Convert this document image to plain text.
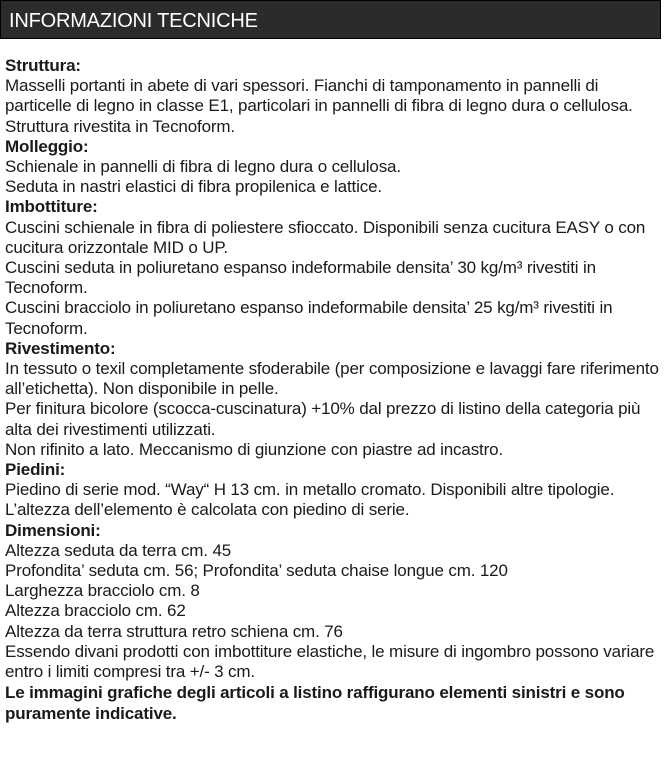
INFORMAZIONI TECNICHE
Struttura:

Masselli portanti in abete di vari spessori. Fianchi di tamponamento in pannelli di particelle di legno in classe E1, particolari in pannelli di fibra di legno dura o cellulosa.

Struttura rivestita in Tecnoform.

Molleggio:

Schienale in pannelli di fibra di legno dura o cellulosa.

Seduta in nastri elastici di fibra propilenica e lattice.

Imbottiture:

Cuscini schienale in fibra di poliestere sfioccato. Disponibili senza cucitura EASY o con cucitura orizzontale MID o UP.

Cuscini seduta in poliuretano espanso indeformabile densita’ 30 kg/m³ rivestiti in Tecnoform.

Cuscini bracciolo in poliuretano espanso indeformabile densita’ 25 kg/m³ rivestiti in Tecnoform.

Rivestimento:

In tessuto o texil completamente sfoderabile (per composizione e lavaggi fare riferimento all’etichetta). Non disponibile in pelle.

Per finitura bicolore (scocca-cuscinatura) +10% dal prezzo di listino della categoria più alta dei rivestimenti utilizzati.

Non rifinito a lato. Meccanismo di giunzione con piastre ad incastro.

Piedini:

Piedino di serie mod. “Way“ H 13 cm. in metallo cromato. Disponibili altre tipologie.

L’altezza dell’elemento è calcolata con piedino di serie.

Dimensioni:

Altezza seduta da terra cm. 45

Profondita’ seduta cm. 56; Profondita’ seduta chaise longue cm. 120

Larghezza bracciolo cm. 8

Altezza bracciolo cm. 62

Altezza da terra struttura retro schiena cm. 76

Essendo divani prodotti con imbottiture elastiche, le misure di ingombro possono variare entro i limiti compresi tra +/- 3 cm.

Le immagini grafiche degli articoli a listino raffigurano elementi sinistri e sono puramente indicative.
